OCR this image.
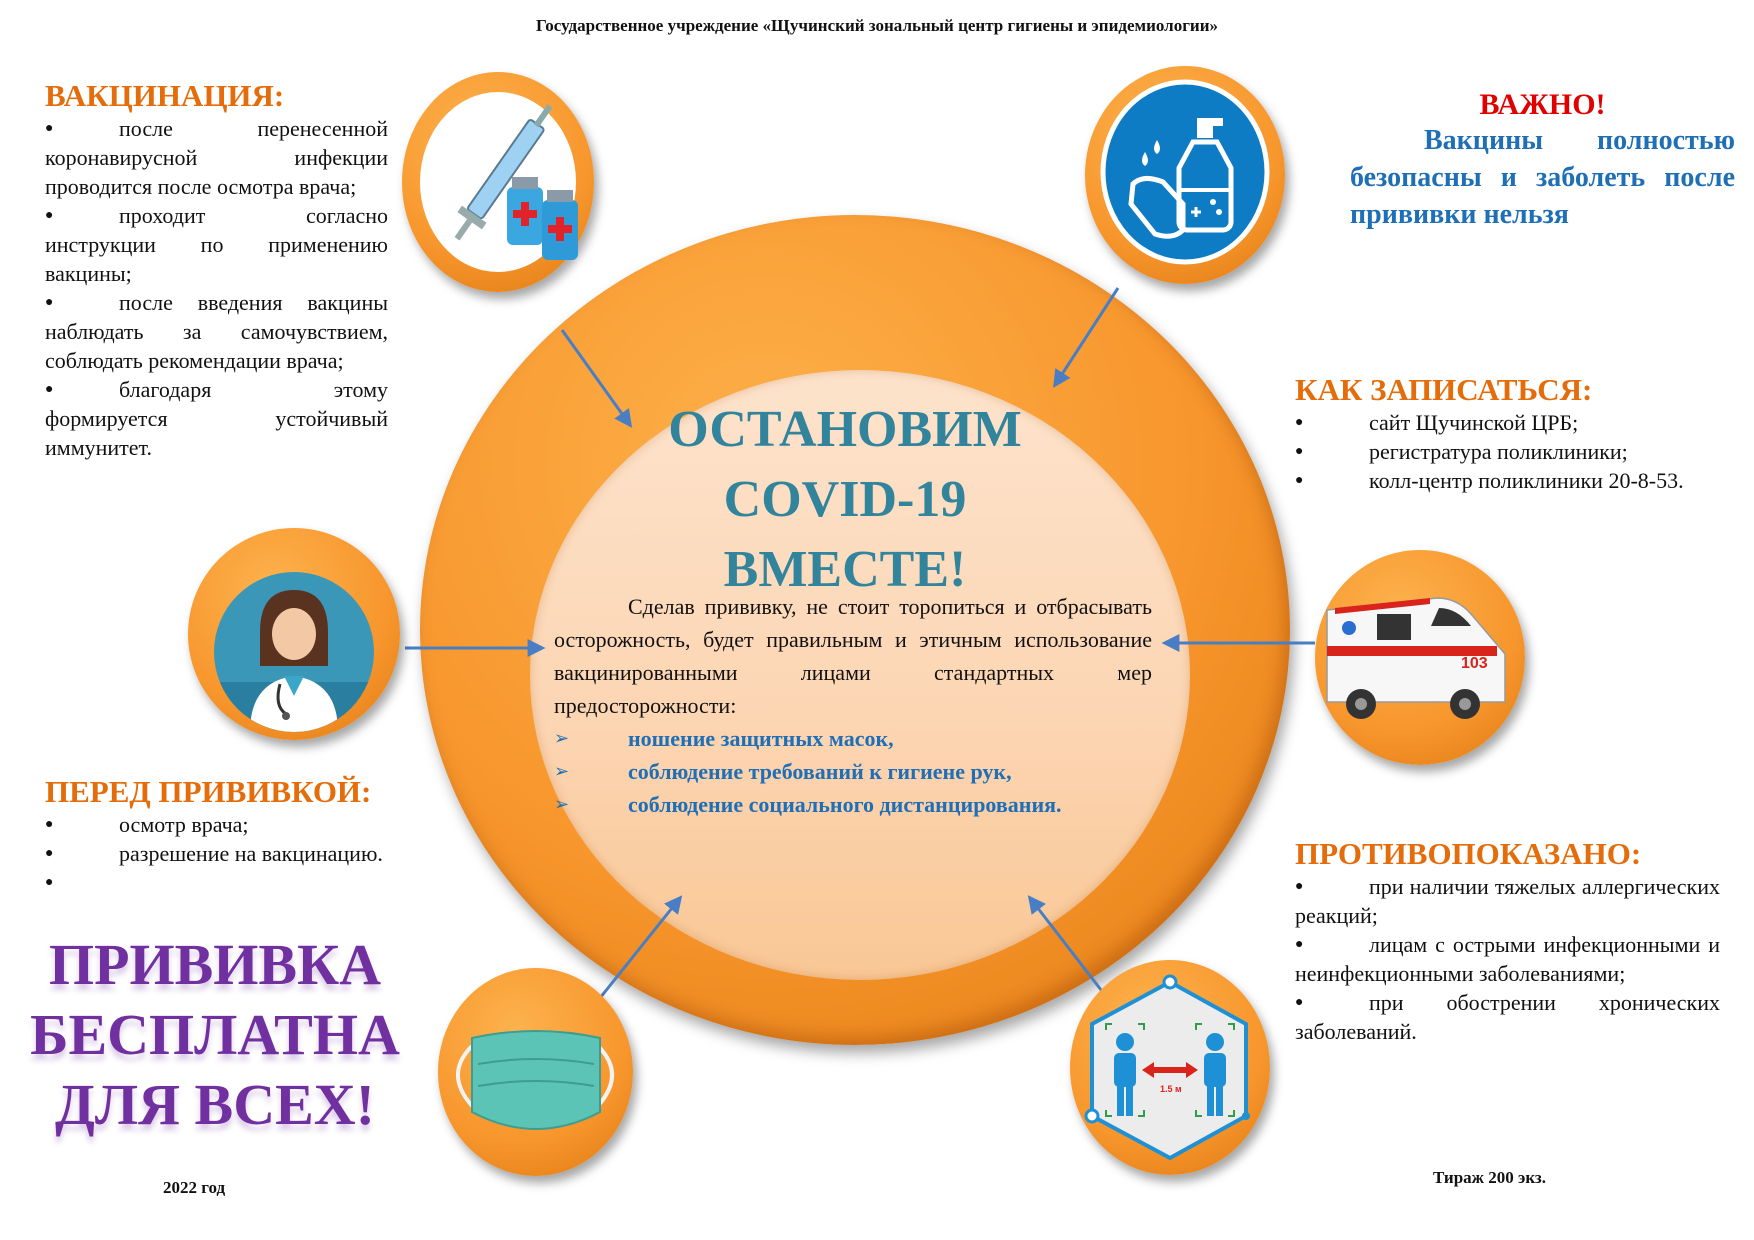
Государственное учреждение «Щучинский зональный центр гигиены и эпидемиологии»
103
1.5 м
ВАКЦИНАЦИЯ:
● после перенесенной коронавирусной инфекции проводится после осмотра врача;
● проходит согласно инструкции по применению вакцины;
● после введения вакцины наблюдать за самочувствием, соблюдать рекомендации врача;
● благодаря этому формируется устойчивый иммунитет.
ПЕРЕД ПРИВИВКОЙ:
● осмотр врача;
● разрешение на вакцинацию.
●
ПРИВИВКА
БЕСПЛАТНА
ДЛЯ ВСЕХ!
2022 год
ВАЖНО!
Вакцины полностью безопасны и заболеть после прививки нельзя
КАК ЗАПИСАТЬСЯ:
● сайт Щучинской ЦРБ;
● регистратура поликлиники;
● колл-центр поликлиники 20-8-53.
ПРОТИВОПОКАЗАНО:
● при наличии тяжелых аллергических реакций;
● лицам с острыми инфекционными и неинфекционными заболеваниями;
● при обострении хронических заболеваний.
Тираж 200 экз.
ОСТАНОВИМ
COVID-19
ВМЕСТЕ!
Сделав прививку, не стоит торопиться и отбрасывать осторожность, будет правильным и этичным использование вакцинированными лицами стандартных мер предосторожности:
➢ ношение защитных масок,
➢ соблюдение требований к гигиене рук,
➢ соблюдение социального дистанцирования.
